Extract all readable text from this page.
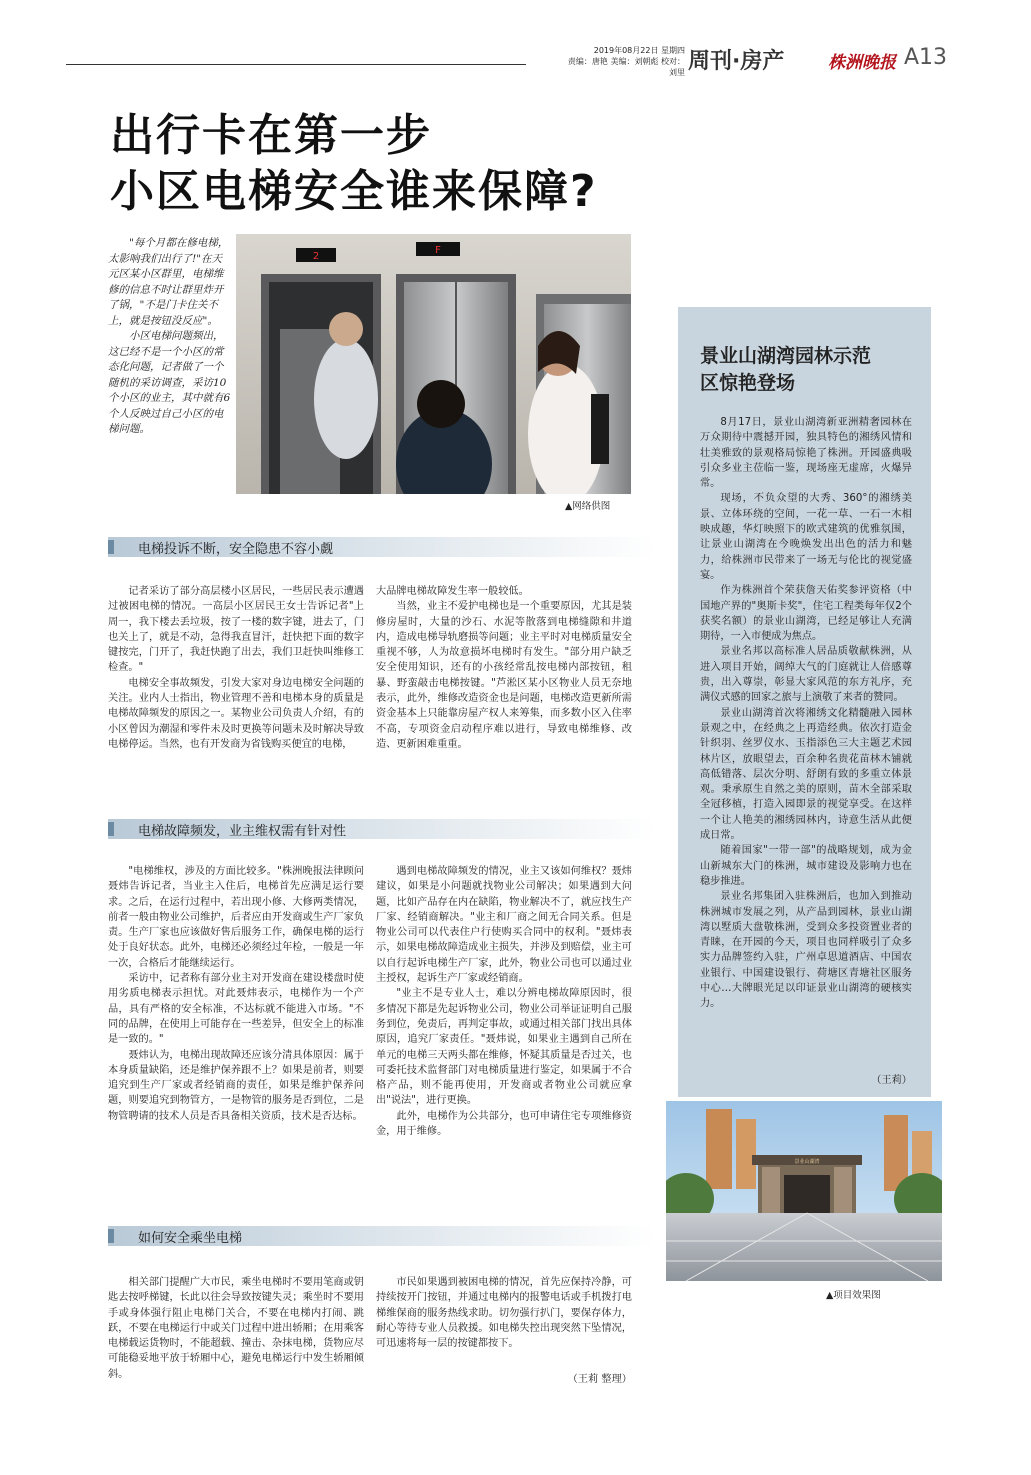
2019年08月22日 星期四
责编：唐艳 美编：刘朝彪 校对：刘里 周刊·房产	株洲晚报 A13
出行卡在第一步
小区电梯安全谁来保障?

"每个月都在修电梯，太影响我们出行了!"在天元区某小区群里，电梯维修的信息不时让群里炸开了锅，"不是门卡住关不上，就是按钮没反应"。

小区电梯问题频出，这已经不是一个小区的常态化问题，记者做了一个随机的采访调查，采访10个小区的业主，其中就有6个人反映过自己小区的电梯问题。

2
F
▲网络供图
电梯投诉不断，安全隐患不容小觑

记者采访了部分高层楼小区居民，一些居民表示遭遇过被困电梯的情况。一高层小区居民王女士告诉记者"上周一，我下楼去丢垃圾，按了一楼的数字键，进去了，门也关上了，就是不动，急得我直冒汗，赶快把下面的数字键按完，门开了，我赶快跑了出去，我们卫赶快叫维修工检查。"

电梯安全事故频发，引发大家对身边电梯安全问题的关注。业内人士指出，物业管理不善和电梯本身的质量是电梯故障频发的原因之一。某物业公司负责人介绍，有的小区曾因为潮湿和零件未及时更换等问题未及时解决导致电梯停运。当然，也有开发商为省钱购买便宜的电梯，

大品牌电梯故障发生率一般较低。

当然，业主不爱护电梯也是一个重要原因，尤其是装修房屋时，大量的沙石、水泥等散落到电梯缝隙和井道内，造成电梯导轨磨损等问题；业主平时对电梯质量安全重视不够，人为故意损坏电梯时有发生。"部分用户缺乏安全使用知识，还有的小孩经常乱按电梯内部按钮，租暴、野蛮敲击电梯按键。"芦淞区某小区物业人员无奈地表示，此外，维修改造资金也是问题，电梯改造更新所需资金基本上只能靠房屋产权人来筹集，而多数小区入住率不高，专项资金启动程序难以进行，导致电梯维修、改造、更新困难重重。

电梯故障频发，业主维权需有针对性

"电梯维权，涉及的方面比较多。"株洲晚报法律顾问聂炜告诉记者，当业主入住后，电梯首先应满足运行要求。之后，在运行过程中，若出现小修、大修两类情况，前者一般由物业公司维护，后者应由开发商或生产厂家负责。生产厂家也应该做好售后服务工作，确保电梯的运行处于良好状态。此外，电梯还必须经过年检，一般是一年一次，合格后才能继续运行。

采访中，记者称有部分业主对开发商在建设楼盘时使用劣质电梯表示担忧。对此聂炜表示，电梯作为一个产品，具有严格的安全标准，不达标就不能进入市场。"不同的品牌，在使用上可能存在一些差异，但安全上的标准是一致的。"

聂炜认为，电梯出现故障还应该分清具体原因：属于本身质量缺陷，还是维护保养跟不上？如果是前者，则要追究到生产厂家或者经销商的责任，如果是维护保养问题，则要追究到物管方，一是物管的服务是否到位，二是物管聘请的技术人员是否具备相关资质，技术是否达标。

遇到电梯故障频发的情况，业主又该如何维权？聂炜建议，如果是小问题就找物业公司解决；如果遇到大问题，比如产品存在内在缺陷，物业解决不了，就应找生产厂家、经销商解决。"业主和厂商之间无合同关系。但是物业公司可以代表住户行使购买合同中的权利。"聂炜表示，如果电梯故障造成业主损失，并涉及到赔偿，业主可以自行起诉电梯生产厂家，此外，物业公司也可以通过业主授权，起诉生产厂家或经销商。

"业主不是专业人士，难以分辨电梯故障原因时，很多情况下都是先起诉物业公司，物业公司举证证明自己服务到位，免责后，再判定事故，或通过相关部门找出具体原因，追究厂家责任。"聂炜说，如果业主遇到自己所在单元的电梯三天两头都在维修，怀疑其质量是否过关，也可委托技术监督部门对电梯质量进行鉴定，如果属于不合格产品，则不能再使用，开发商或者物业公司就应拿出"说法"，进行更换。

此外，电梯作为公共部分，也可申请住宅专项维修资金，用于维修。

如何安全乘坐电梯

相关部门提醒广大市民，乘坐电梯时不要用笔商或钥匙去按呼梯键，长此以往会导致按键失灵；乘坐时不要用手或身体强行阻止电梯门关合，不要在电梯内打闹、跳跃，不要在电梯运行中或关门过程中进出轿厢；在用乘客电梯载运货物时，不能超载、撞击、杂抹电梯，货物应尽可能稳妥地平放于轿厢中心，避免电梯运行中发生轿厢倾斜。

市民如果遇到被困电梯的情况，首先应保持冷静，可持续按开门按钮，并通过电梯内的报警电话或手机拨打电梯维保商的服务热线求助。切勿强行扒门，要保存体力，耐心等待专业人员救援。如电梯失控出现突然下坠情况，可迅速将每一层的按键都按下。

（王莉 整理）
景业山湖湾园林示范
区惊艳登场

8月17日，景业山湖湾新亚洲精奢园林在万众期待中震撼开园，独具特色的湘绣风情和壮美雅致的景观格局惊艳了株洲。开园盛典吸引众多业主莅临一鉴，现场座无虚席，火爆异常。

现场，不负众望的大秀、360°的湘绣美景、立体环绕的空间，一花一草、一石一木相映成趣，华灯映照下的欧式建筑的优雅氛围，让景业山湖湾在今晚焕发出出色的活力和魅力，给株洲市民带来了一场无与伦比的视觉盛宴。

作为株洲首个荣获詹天佑奖参评资格（中国地产界的"奥斯卡奖"，住宅工程类每年仅2个获奖名额）的景业山湖湾，已经足够让人充满期待，一入市便成为焦点。

景业名邦以高标准人居品质敬献株洲，从进入项目开始，阔绰大气的门庭就让人倍感尊贵，出入尊崇，彰显大家风范的东方礼序，充满仪式感的回家之旅与上演敬了来者的赞同。

景业山湖湾首次将湘绣文化精髓融入园林景观之中，在经典之上再造经典。依次打造金针织羽、丝罗仪水、玉指添色三大主题艺术园林片区，放眼望去，百余种名贵花苗林木铺就高低错落、层次分明、舒朗有致的多重立体景观。秉承原生自然之美的原则，苗木全部采取全冠移植，打造入园即景的视觉享受。在这样一个让人艳美的湘绣园林内，诗意生活从此便成日常。

随着国家"一带一部"的战略规划，成为金山新城东大门的株洲，城市建设及影响力也在稳步推进。

景业名邦集团入驻株洲后，也加入到推动株洲城市发展之列，从产品到园林，景业山湖湾以墅质大盘敬株洲，受到众多投资置业者的青睐，在开园的今天，项目也同样吸引了众多实力品牌签约入驻，广州卓思道酒店、中国农业银行、中国建设银行、荷塘区青塘社区服务中心…大牌眼光足以印证景业山湖湾的硬核实力。

（王莉）
景业山湖湾
▲项目效果图
